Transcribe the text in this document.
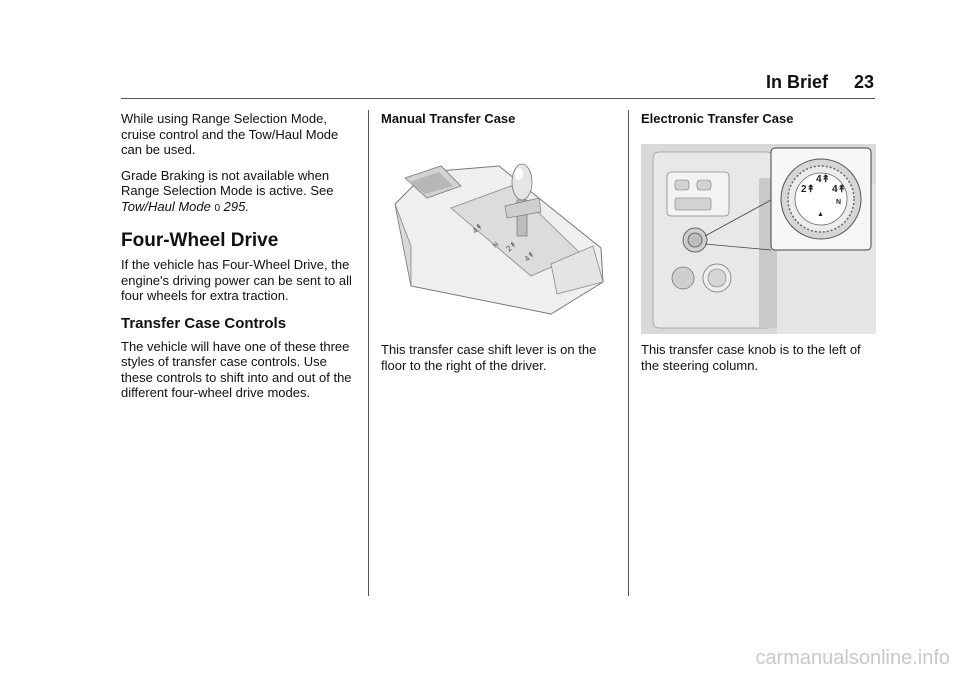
In Brief 23

While using Range Selection Mode, cruise control and the Tow/Haul Mode can be used.

Grade Braking is not available when Range Selection Mode is active. See Tow/Haul Mode 0 295.

Four-Wheel Drive

If the vehicle has Four-Wheel Drive, the engine's driving power can be sent to all four wheels for extra traction.

Transfer Case Controls

The vehicle will have one of these three styles of transfer case controls. Use these controls to shift into and out of the different four-wheel drive modes.

Manual Transfer Case

4↟
N 2↟
4↟
This transfer case shift lever is on the floor to the right of the driver.

Electronic Transfer Case

2↟
4↟
4↟
N
▲
This transfer case knob is to the left of the steering column.
carmanualsonline.info
